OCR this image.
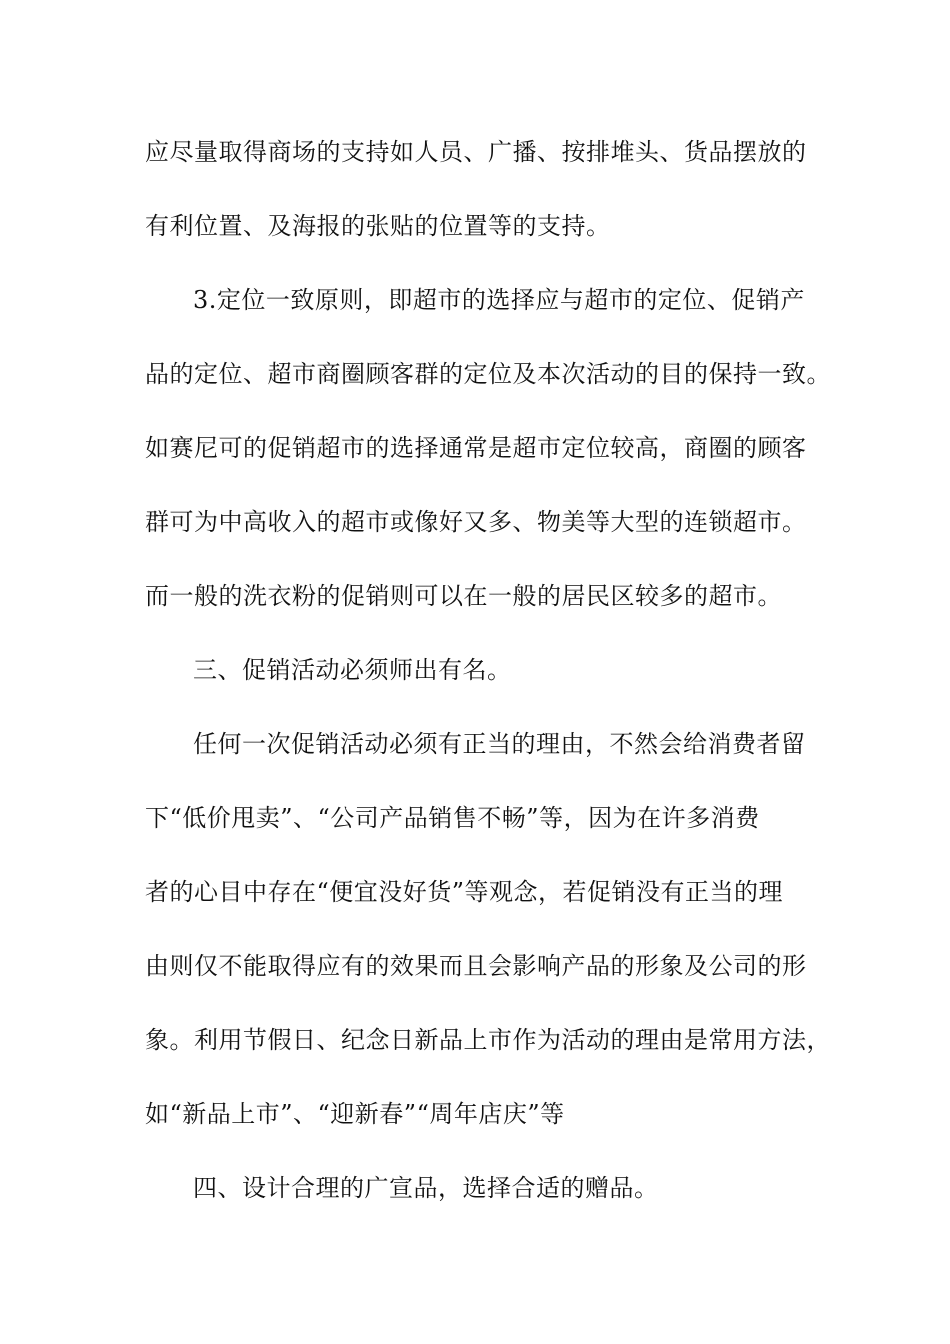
应尽量取得商场的支持如人员、广播、按排堆头、货品摆放的
有利位置、及海报的张贴的位置等的支持。
3.定位一致原则，即超市的选择应与超市的定位、促销产
品的定位、超市商圈顾客群的定位及本次活动的目的保持一致。
如赛尼可的促销超市的选择通常是超市定位较高，商圈的顾客
群可为中高收入的超市或像好又多、物美等大型的连锁超市。
而一般的洗衣粉的促销则可以在一般的居民区较多的超市。
三、促销活动必须师出有名。
任何一次促销活动必须有正当的理由，不然会给消费者留
下“低价甩卖”、“公司产品销售不畅”等，因为在许多消费
者的心目中存在“便宜没好货”等观念，若促销没有正当的理
由则仅不能取得应有的效果而且会影响产品的形象及公司的形
象。利用节假日、纪念日新品上市作为活动的理由是常用方法，
如“新品上市”、“迎新春”“周年店庆”等
四、设计合理的广宣品，选择合适的赠品。
